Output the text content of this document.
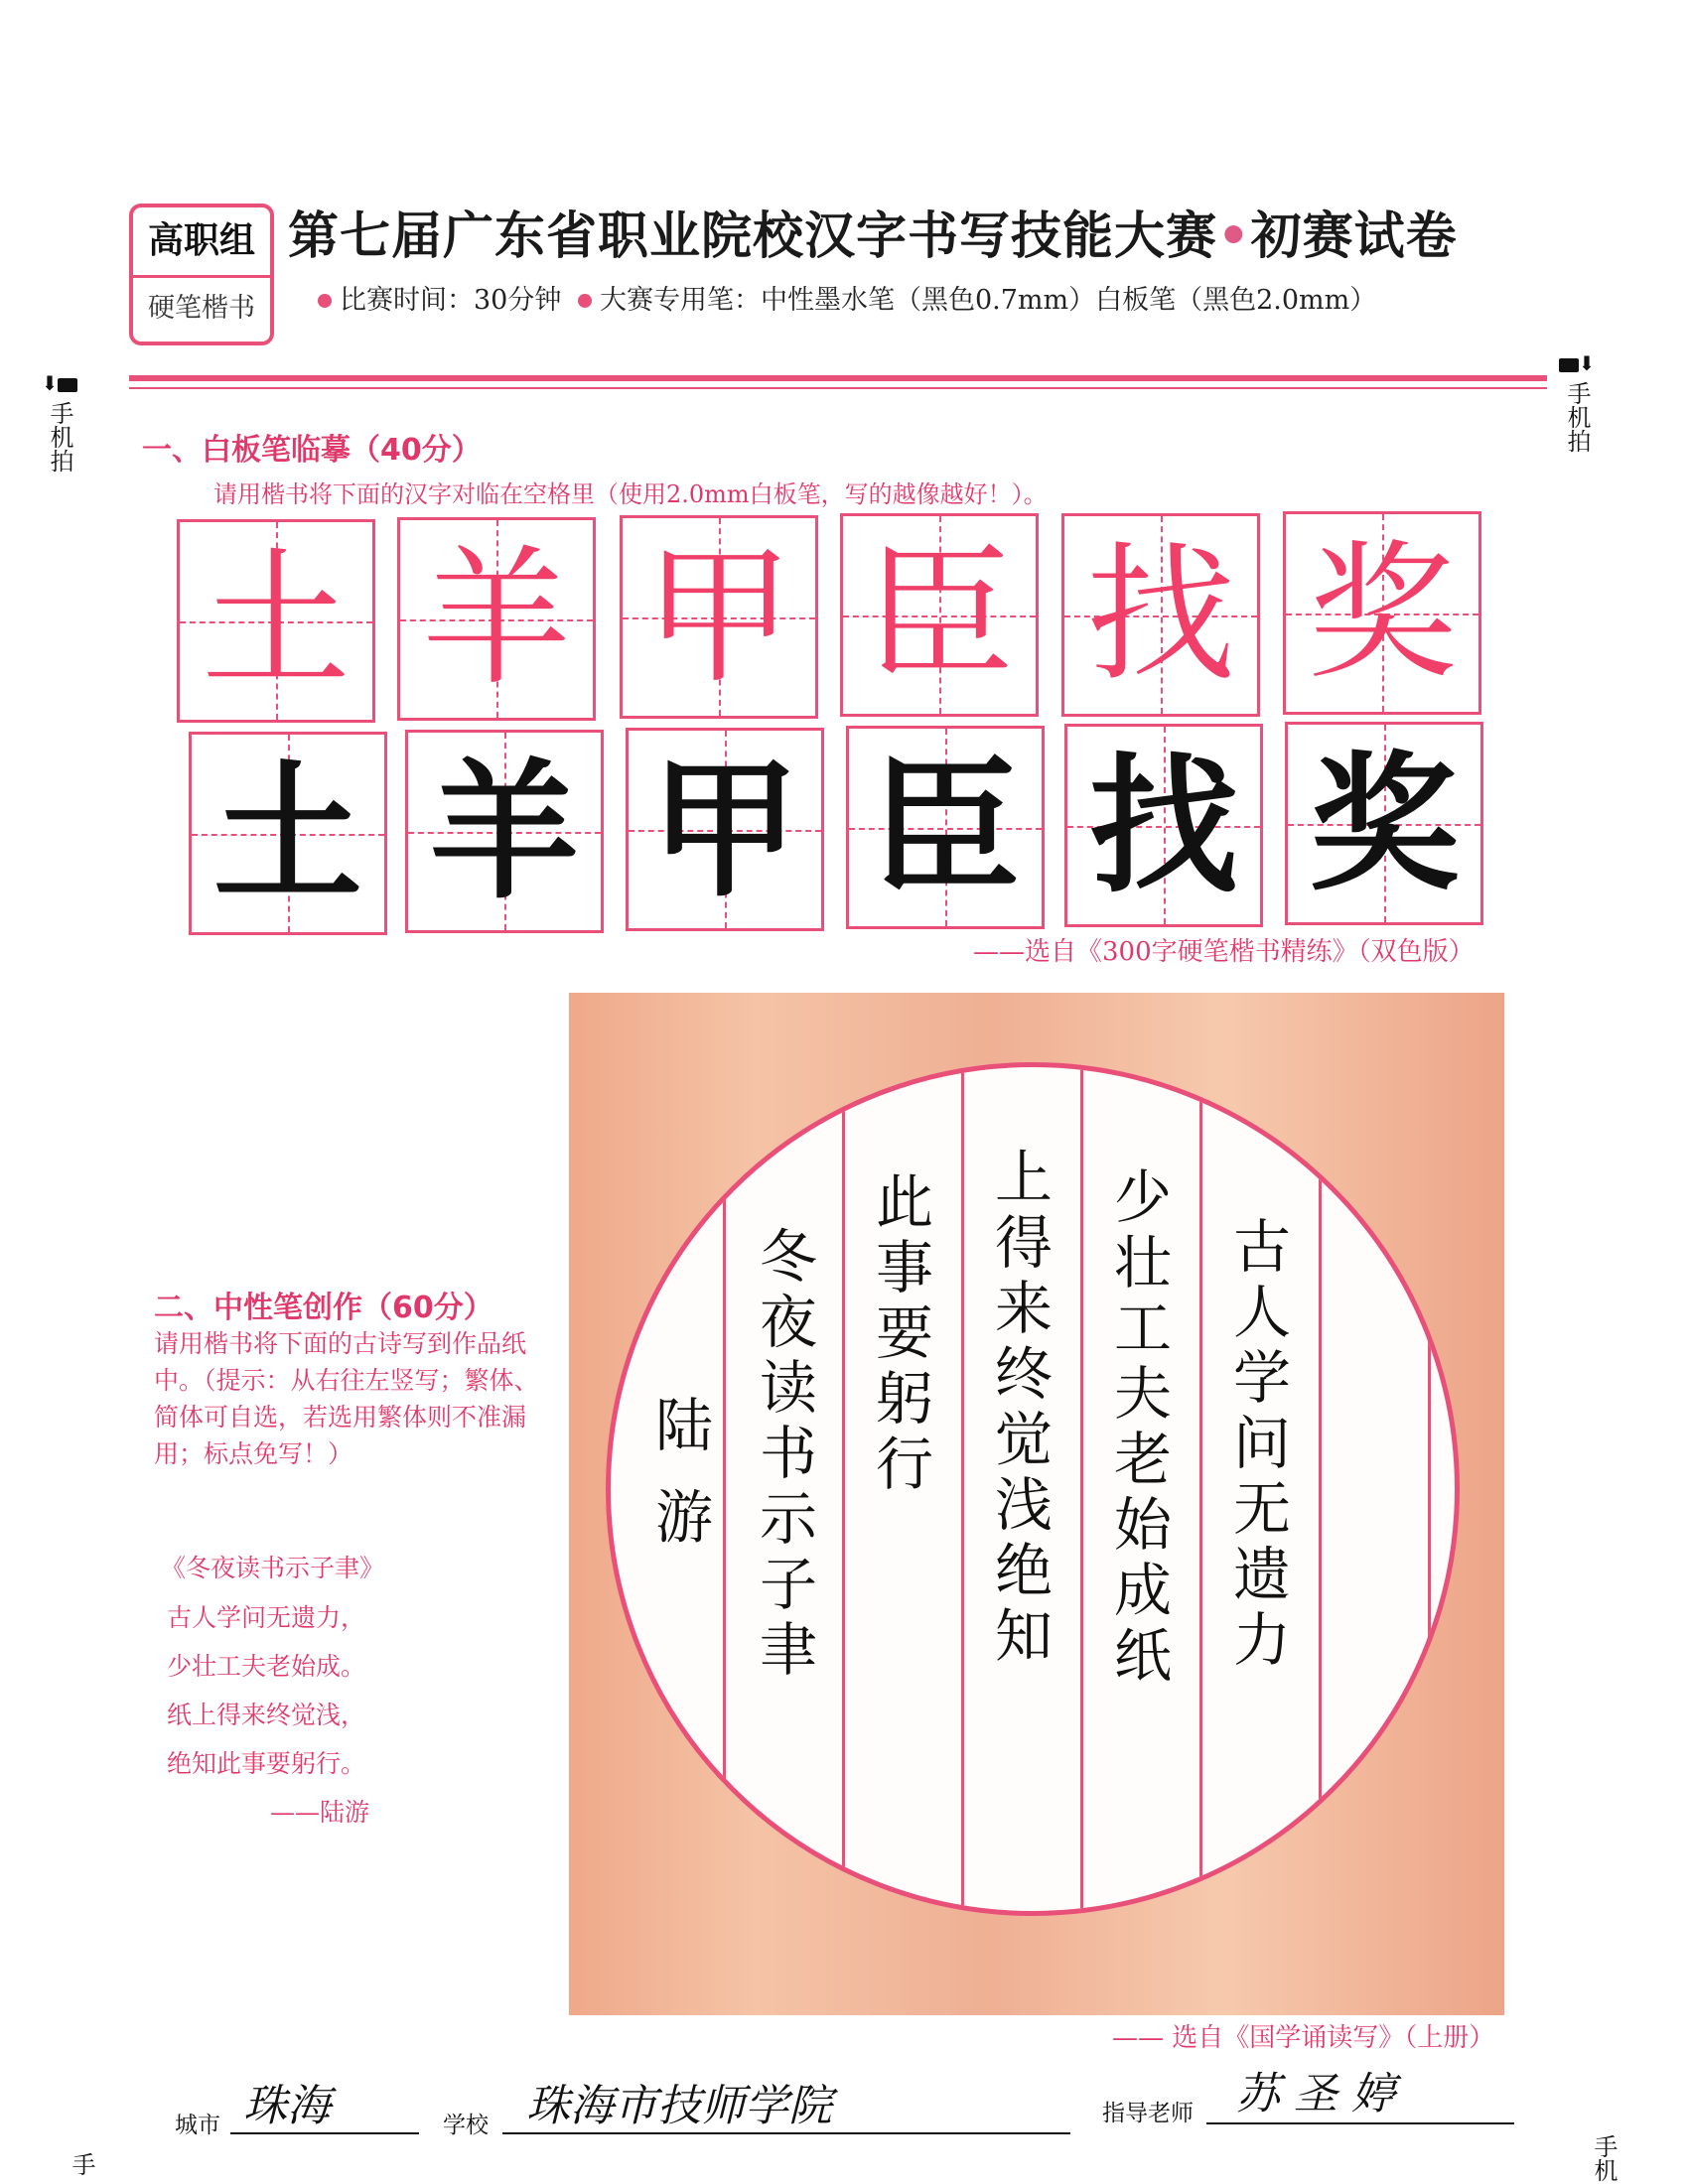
高职组
硬笔楷书
第七届广东省职业院校汉字书写技能大赛•初赛试卷
比赛时间：30分钟 大赛专用笔：中性墨水笔（黑色0.7mm）白板笔（黑色2.0mm）
⬇
手机拍
⬇
手机拍
手机
手
一、白板笔临摹（40分）
请用楷书将下面的汉字对临在空格里（使用2.0mm白板笔，写的越像越好！）。
土 羊 甲 臣 找 奖
土 羊 甲 臣 找 奖
——选自《300字硬笔楷书精练》（双色版）
古人学问无遗力
少壮工夫老始成纸
上得来终觉浅绝知
此事要躬行
冬夜读书示子聿
陆 游
二、中性笔创作（60分）
请用楷书将下面的古诗写到作品纸中。（提示：从右往左竖写；繁体、简体可自选，若选用繁体则不准漏用；标点免写！）
《冬夜读书示子聿》
古人学问无遗力，
少壮工夫老始成。
纸上得来终觉浅，
绝知此事要躬行。
——陆游
—— 选自《国学诵读写》（上册）
城市 珠海	学校 珠海市技师学院	指导老师 苏 圣 婷
